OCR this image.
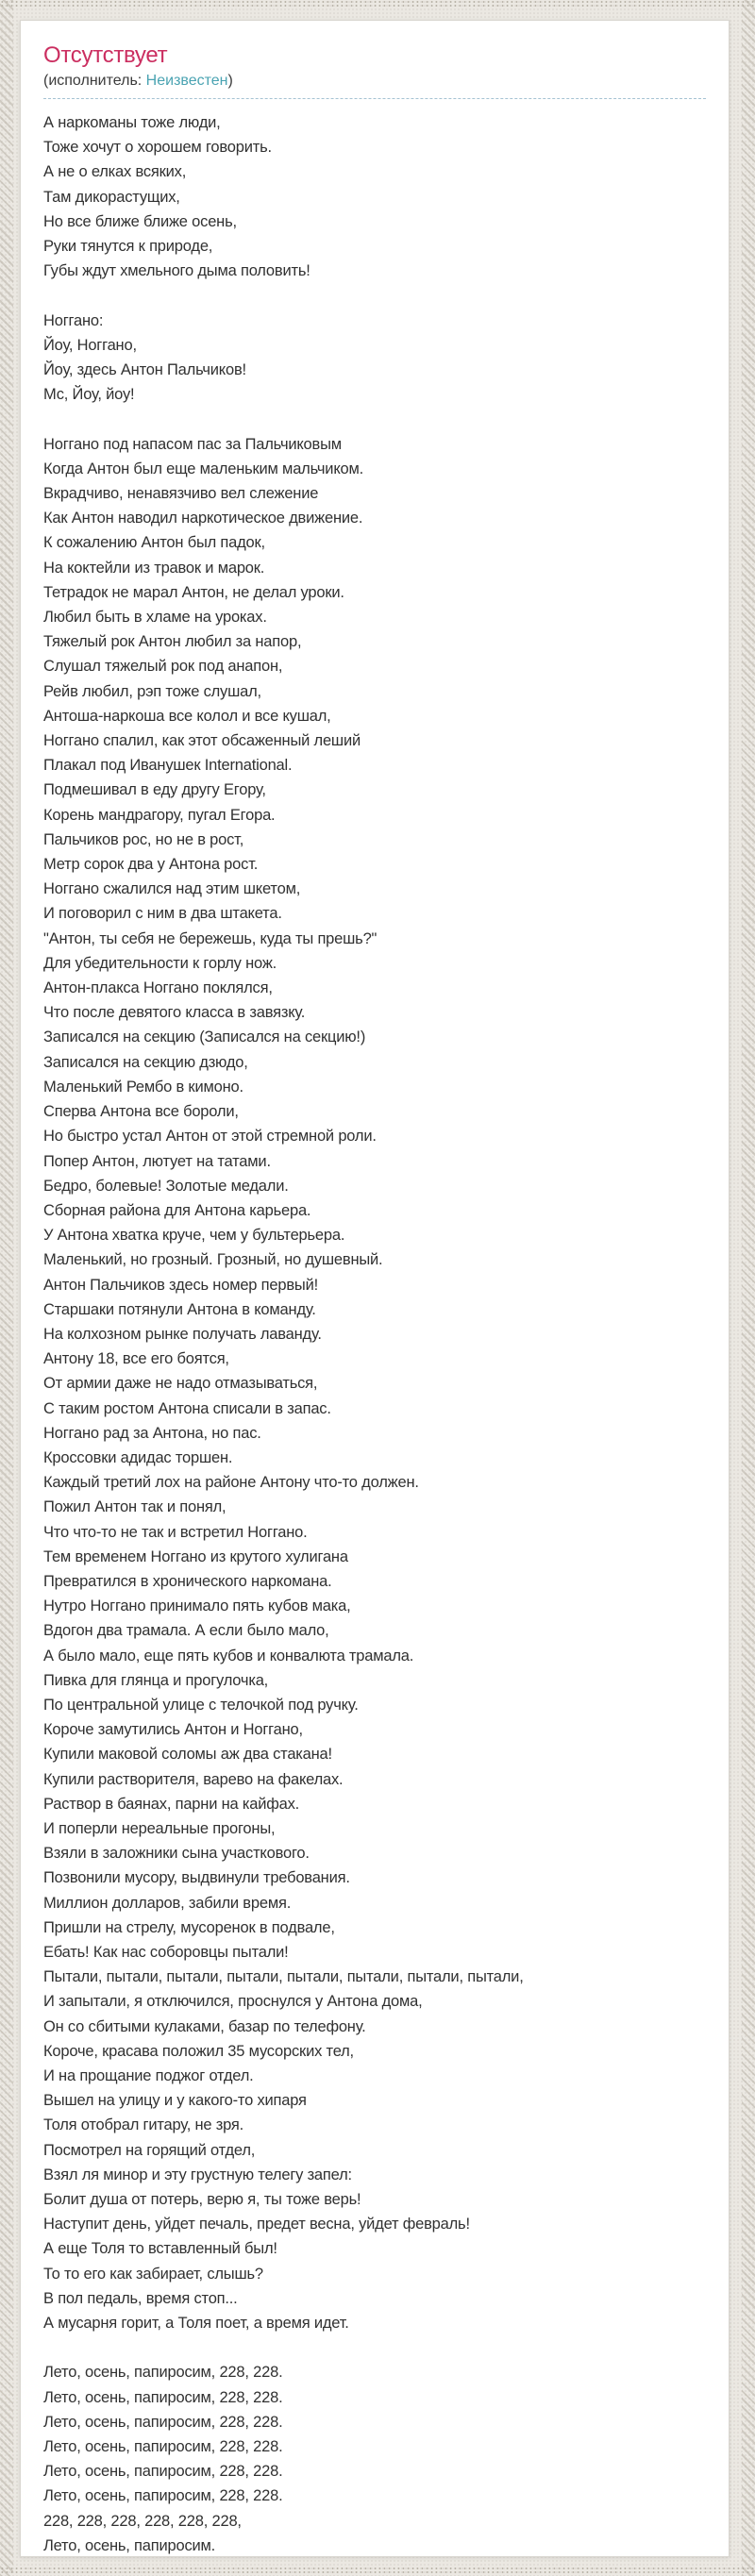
Отсутствует
(исполнитель: Неизвестен)

А наркоманы тоже люди,
Тоже хочут о хорошем говорить.
А не о елках всяких,
Там дикорастущих,
Но все ближе ближе осень,
Руки тянутся к природе,
Губы ждут хмельного дыма половить!

Ноггано:
Йоу, Ноггано,
Йоу, здесь Антон Пальчиков!
Мс, Йоу, йоу!

Ноггано под напасом пас за Пальчиковым
Когда Антон был еще маленьким мальчиком.
Вкрадчиво, ненавязчиво вел слежение
Как Антон наводил наркотическое движение.
К сожалению Антон был падок,
На коктейли из травок и марок.
Тетрадок не марал Антон, не делал уроки.
Любил быть в хламе на уроках.
Тяжелый рок Антон любил за напор,
Слушал тяжелый рок под анапон,
Рейв любил, рэп тоже слушал,
Антоша-наркоша все колол и все кушал,
Ноггано спалил, как этот обсаженный леший
Плакал под Иванушек International.
Подмешивал в еду другу Егору,
Корень мандрагору, пугал Егора.
Пальчиков рос, но не в рост,
Метр сорок два у Антона рост.
Ноггано сжалился над этим шкетом,
И поговорил с ним в два штакета.
"Антон, ты себя не бережешь, куда ты прешь?"
Для убедительности к горлу нож.
Антон-плакса Ноггано поклялся,
Что после девятого класса в завязку.
Записался на секцию (Записался на секцию!)
Записался на секцию дзюдо,
Маленький Рембо в кимоно.
Сперва Антона все бороли,
Но быстро устал Антон от этой стремной роли.
Попер Антон, лютует на татами.
Бедро, болевые! Золотые медали.
Сборная района для Антона карьера.
У Антона хватка круче, чем у бультерьера.
Маленький, но грозный. Грозный, но душевный.
Антон Пальчиков здесь номер первый!
Старшаки потянули Антона в команду.
На колхозном рынке получать лаванду.
Антону 18, все его боятся,
От армии даже не надо отмазываться,
С таким ростом Антона списали в запас.
Ноггано рад за Антона, но пас.
Кроссовки адидас торшен.
Каждый третий лох на районе Антону что-то должен.
Пожил Антон так и понял,
Что что-то не так и встретил Ноггано.
Тем временем Ноггано из крутого хулигана
Превратился в хронического наркомана.
Нутро Ноггано принимало пять кубов мака,
Вдогон два трамала. А если было мало,
А было мало, еще пять кубов и конвалюта трамала.
Пивка для глянца и прогулочка,
По центральной улице с телочкой под ручку.
Короче замутились Антон и Ноггано,
Купили маковой соломы аж два стакана!
Купили растворителя, варево на факелах.
Раствор в баянах, парни на кайфах.
И поперли нереальные прогоны,
Взяли в заложники сына участкового.
Позвонили мусору, выдвинули требования.
Миллион долларов, забили время.
Пришли на стрелу, мусоренок в подвале,
Ебать! Как нас соборовцы пытали!
Пытали, пытали, пытали, пытали, пытали, пытали, пытали, пытали,
И запытали, я отключился, проснулся у Антона дома,
Он со сбитыми кулаками, базар по телефону.
Короче, красава положил 35 мусорских тел,
И на прощание поджог отдел.
Вышел на улицу и у какого-то хипаря
Толя отобрал гитару, не зря.
Посмотрел на горящий отдел,
Взял ля минор и эту грустную телегу запел:
Болит душа от потерь, верю я, ты тоже верь!
Наступит день, уйдет печаль, предет весна, уйдет февраль!
А еще Толя то вставленный был!
То то его как забирает, слышь?
В пол педаль, время стоп...
А мусарня горит, а Толя поет, а время идет.

Лето, осень, папиросим, 228, 228.
Лето, осень, папиросим, 228, 228.
Лето, осень, папиросим, 228, 228.
Лето, осень, папиросим, 228, 228.
Лето, осень, папиросим, 228, 228.
Лето, осень, папиросим, 228, 228.
228, 228, 228, 228, 228, 228,
Лето, осень, папиросим.
